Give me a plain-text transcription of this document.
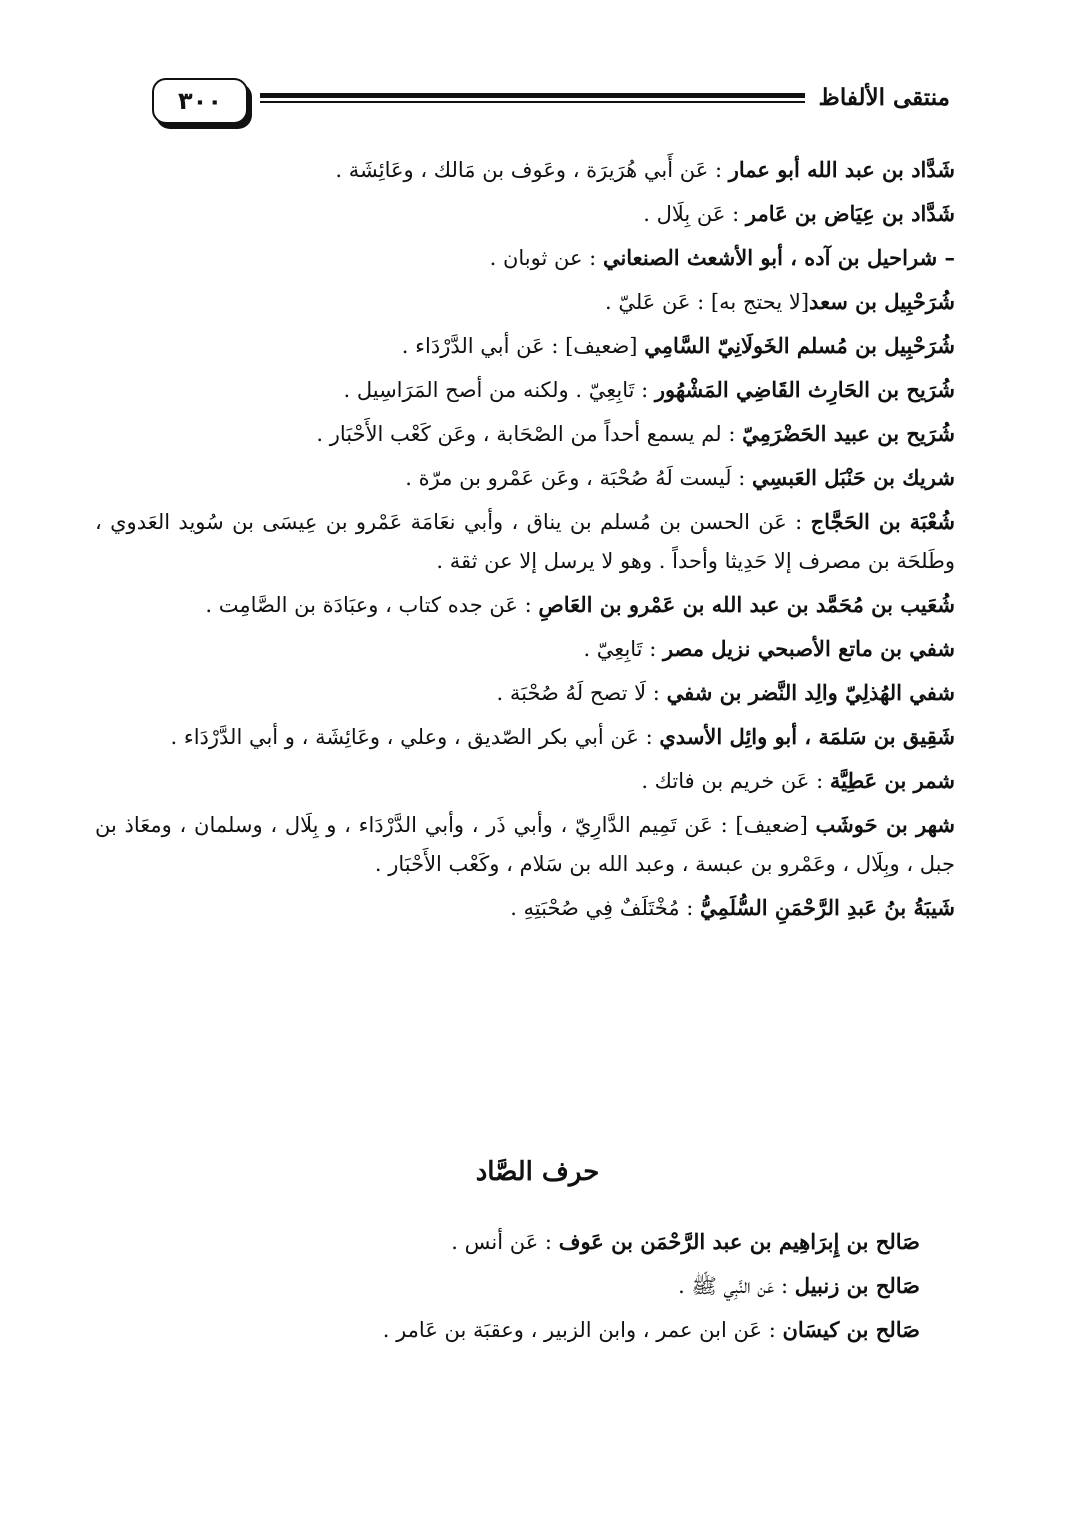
٣٠٠	منتقى الألفاظ

شَدَّاد بن عبد الله أبو عمار : عَن أَبي هُرَيرَة ، وعَوف بن مَالك ، وعَائِشَة .

شَدَّاد بن عِيَاض بن عَامر : عَن بِلَال .

– شراحيل بن آده ، أبو الأشعث الصنعاني : عن ثوبان .

شُرَحْبِيل بن سعد[لا يحتج به] : عَن عَليّ .

شُرَحْبِيل بن مُسلم الخَولَانِيّ السَّامِي [ضعيف] : عَن أبي الدَّرْدَاء .

شُرَيح بن الحَارِث القَاضِي المَشْهُور : تَابِعِيّ . ولكنه من أصح المَرَاسِيل .

شُرَيح بن عبيد الحَضْرَمِيّ : لم يسمع أحداً من الصْحَابة ، وعَن كَعْب الأَحْبَار .

شريك بن حَنْبَل العَبسِي : لَيست لَهُ صُحْبَة ، وعَن عَمْرو بن مرّة .

شُعْبَة بن الحَجَّاج : عَن الحسن بن مُسلم بن يناق ، وأبي نعَامَة عَمْرو بن عِيسَى بن سُويد العَدوي ، وطَلحَة بن مصرف إلا حَدِيثا وأحداً . وهو لا يرسل إلا عن ثقة .

شُعَيب بن مُحَمَّد بن عبد الله بن عَمْرو بن العَاصِ : عَن جده كتاب ، وعبَادَة بن الصَّامِت .

شفي بن ماتع الأصبحي نزيل مصر : تَابِعِيّ .

شفي الهُذلِيّ والِد النَّضر بن شفي : لَا تصح لَهُ صُحْبَة .

شَقِيق بن سَلمَة ، أبو وائِل الأسدي : عَن أبي بكر الصّديق ، وعلي ، وعَائِشَة ، و أبي الدَّرْدَاء .

شمر بن عَطِيَّة : عَن خريم بن فاتك .

شهر بن حَوشَب [ضعيف] : عَن تَمِيم الدَّارِيّ ، وأبي ذَر ، وأبي الدَّرْدَاء ، و بِلَال ، وسلمان ، ومعَاذ بن جبل ، وبِلَال ، وعَمْرو بن عبسة ، وعبد الله بن سَلام ، وكَعْب الأَحْبَار .

شَيبَةُ بنُ عَبدِ الرَّحْمَنِ السُّلَمِيُّ : مُخْتَلَفٌ فِي صُحْبَتِهِ .

حرف الصَّاد

صَالح بن إِبرَاهِيم بن عبد الرَّحْمَن بن عَوف : عَن أنس .

صَالح بن زنبيل : عَن النَّبِي ﷺ .

صَالح بن كيسَان : عَن ابن عمر ، وابن الزبير ، وعقبَة بن عَامر .
